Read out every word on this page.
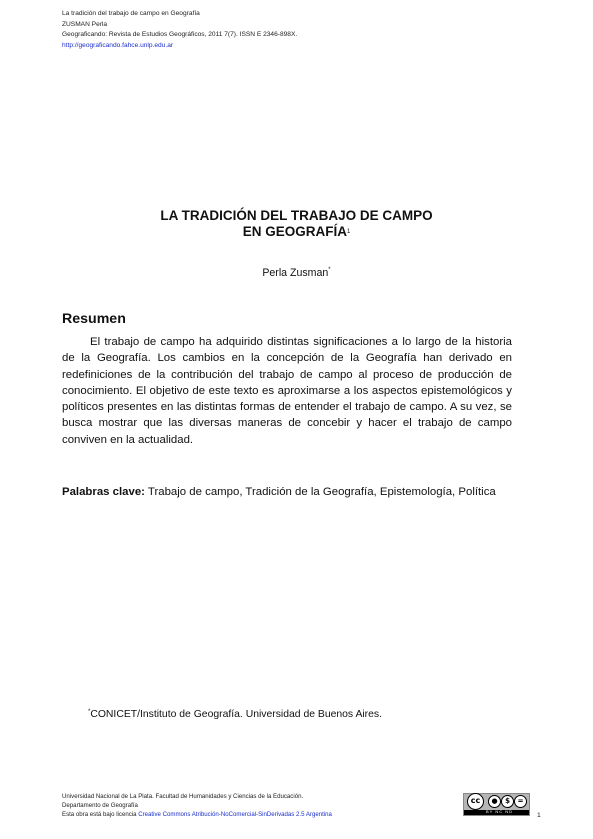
La tradición del trabajo de campo en Geografía
ZUSMAN Perla
Geograficando: Revista de Estudios Geográficos, 2011 7(7). ISSN E 2346-898X.
http://geograficando.fahce.unlp.edu.ar
LA TRADICIÓN DEL TRABAJO DE CAMPO
EN GEOGRAFÍA$^1$
Perla Zusman*
Resumen

El trabajo de campo ha adquirido distintas significaciones a lo largo de la historia de la Geografía. Los cambios en la concepción de la Geografía han derivado en redefiniciones de la contribución del trabajo de campo al proceso de producción de conocimiento. El objetivo de este texto es aproximarse a los aspectos epistemológicos y políticos presentes en las distintas formas de entender el trabajo de campo. A su vez, se busca mostrar que las diversas maneras de concebir y hacer el trabajo de campo conviven en la actualidad.

Palabras clave: Trabajo de campo, Tradición de la Geografía, Epistemología, Política

*CONICET/Instituto de Geografía. Universidad de Buenos Aires.
Universidad Nacional de La Plata. Facultad de Humanidades y Ciencias de la Educación.
Departamento de Geografía
Esta obra está bajo licencia Creative Commons Atribución-NoComercial-SinDerivadas 2.5 Argentina
cc	●	$	=
BY NC ND
1
